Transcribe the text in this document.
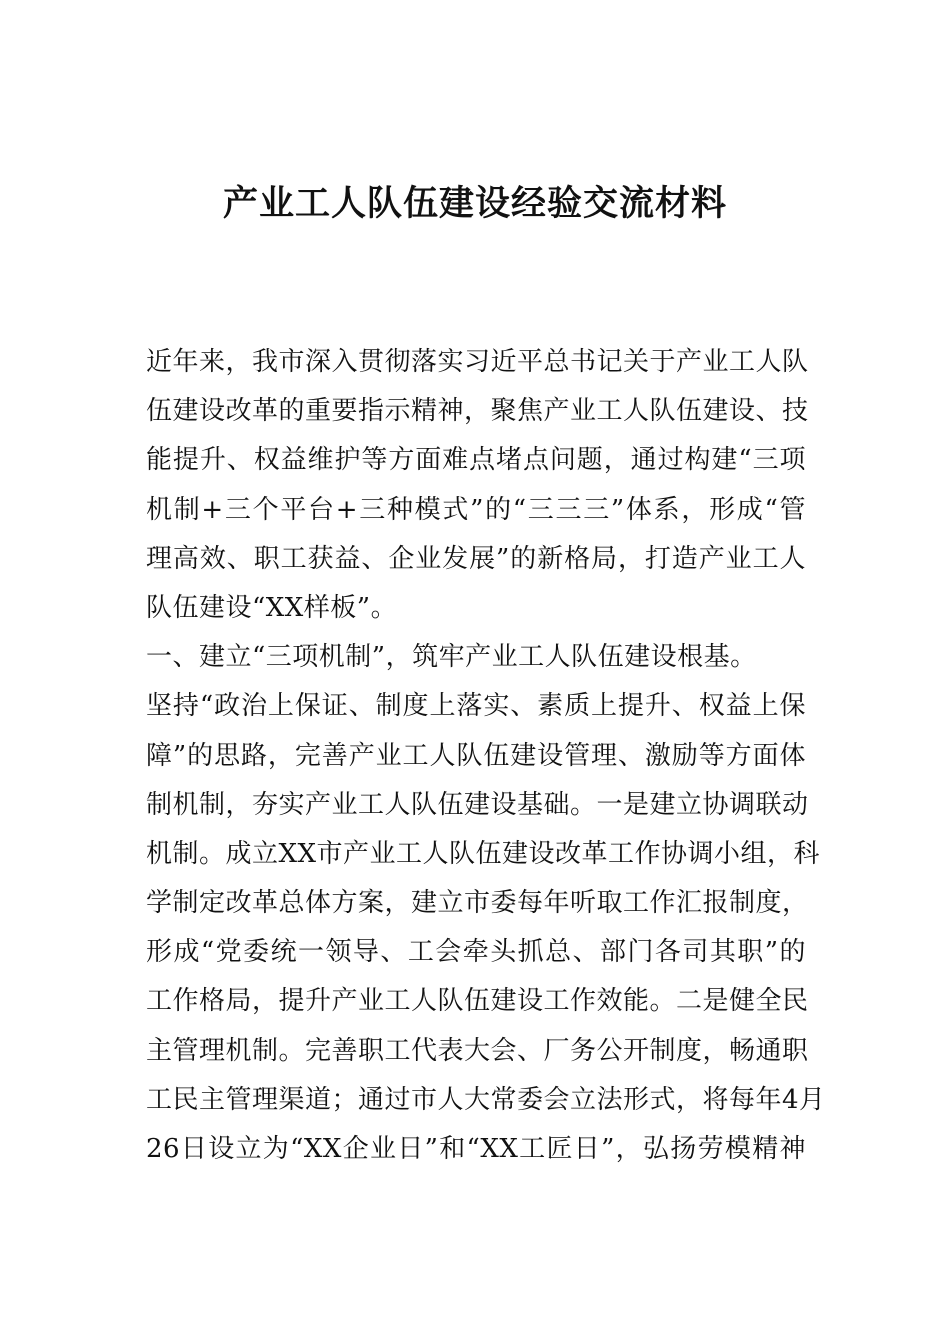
产业工人队伍建设经验交流材料
近年来，我市深入贯彻落实习近平总书记关于产业工人队
伍建设改革的重要指示精神，聚焦产业工人队伍建设、技
能提升、权益维护等方面难点堵点问题，通过构建“三项
机制+三个平台+三种模式”的“三三三”体系，形成“管
理高效、职工获益、企业发展”的新格局，打造产业工人
队伍建设“XX样板”。
一、建立“三项机制”，筑牢产业工人队伍建设根基。
坚持“政治上保证、制度上落实、素质上提升、权益上保
障”的思路，完善产业工人队伍建设管理、激励等方面体
制机制，夯实产业工人队伍建设基础。一是建立协调联动
机制。成立XX市产业工人队伍建设改革工作协调小组，科
学制定改革总体方案，建立市委每年听取工作汇报制度，
形成“党委统一领导、工会牵头抓总、部门各司其职”的
工作格局，提升产业工人队伍建设工作效能。二是健全民
主管理机制。完善职工代表大会、厂务公开制度，畅通职
工民主管理渠道；通过市人大常委会立法形式，将每年4月
26日设立为“XX企业日”和“XX工匠日”，弘扬劳模精神
